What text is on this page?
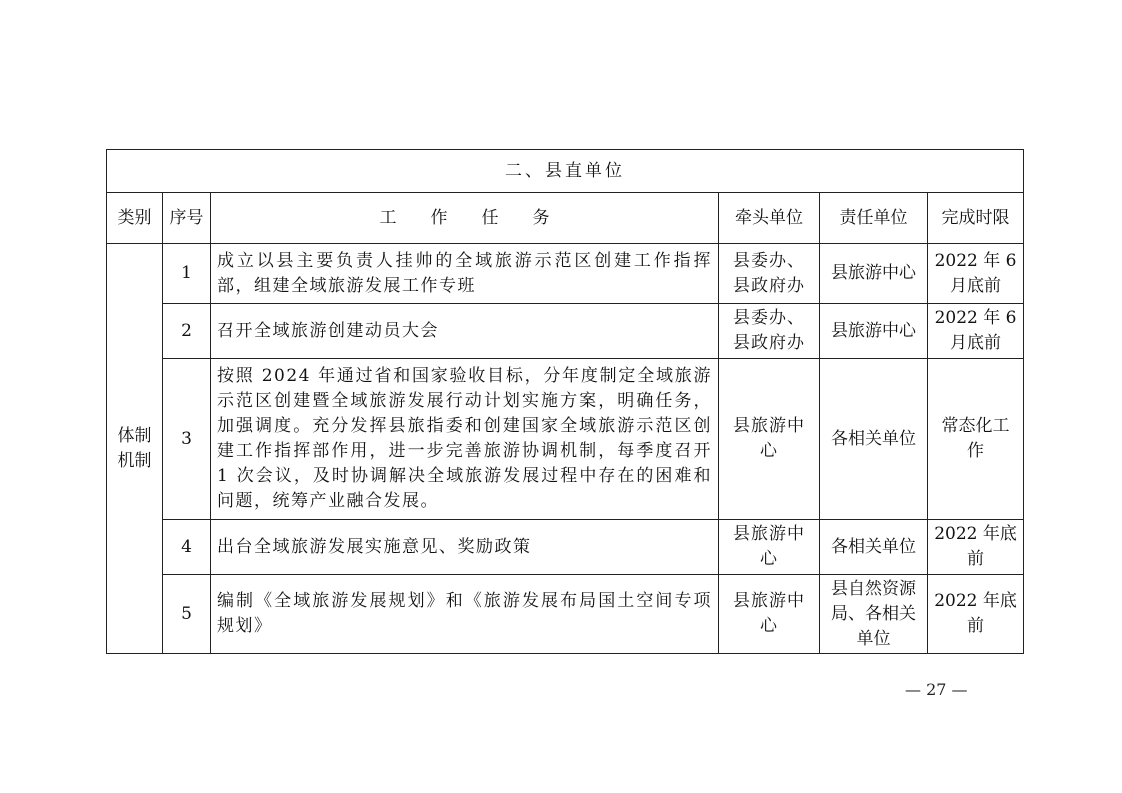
二、县直单位					
类别	序号	工作任务	牵头单位	责任单位	完成时限
体制机制	1	成立以县主要负责人挂帅的全域旅游示范区创建工作指挥部，组建全域旅游发展工作专班	县委办、县政府办	县旅游中心	2022 年 6 月底前
	2	召开全域旅游创建动员大会	县委办、县政府办	县旅游中心	2022 年 6 月底前
	3	按照 2024 年通过省和国家验收目标，分年度制定全域旅游示范区创建暨全域旅游发展行动计划实施方案，明确任务，加强调度。充分发挥县旅指委和创建国家全域旅游示范区创建工作指挥部作用，进一步完善旅游协调机制，每季度召开 1 次会议，及时协调解决全域旅游发展过程中存在的困难和问题，统筹产业融合发展。	县旅游中心	各相关单位	常态化工作
	4	出台全域旅游发展实施意见、奖励政策	县旅游中心	各相关单位	2022 年底前
	5	编制《全域旅游发展规划》和《旅游发展布局国土空间专项规划》	县旅游中心	县自然资源局、各相关单位	2022 年底前
— 27 —
